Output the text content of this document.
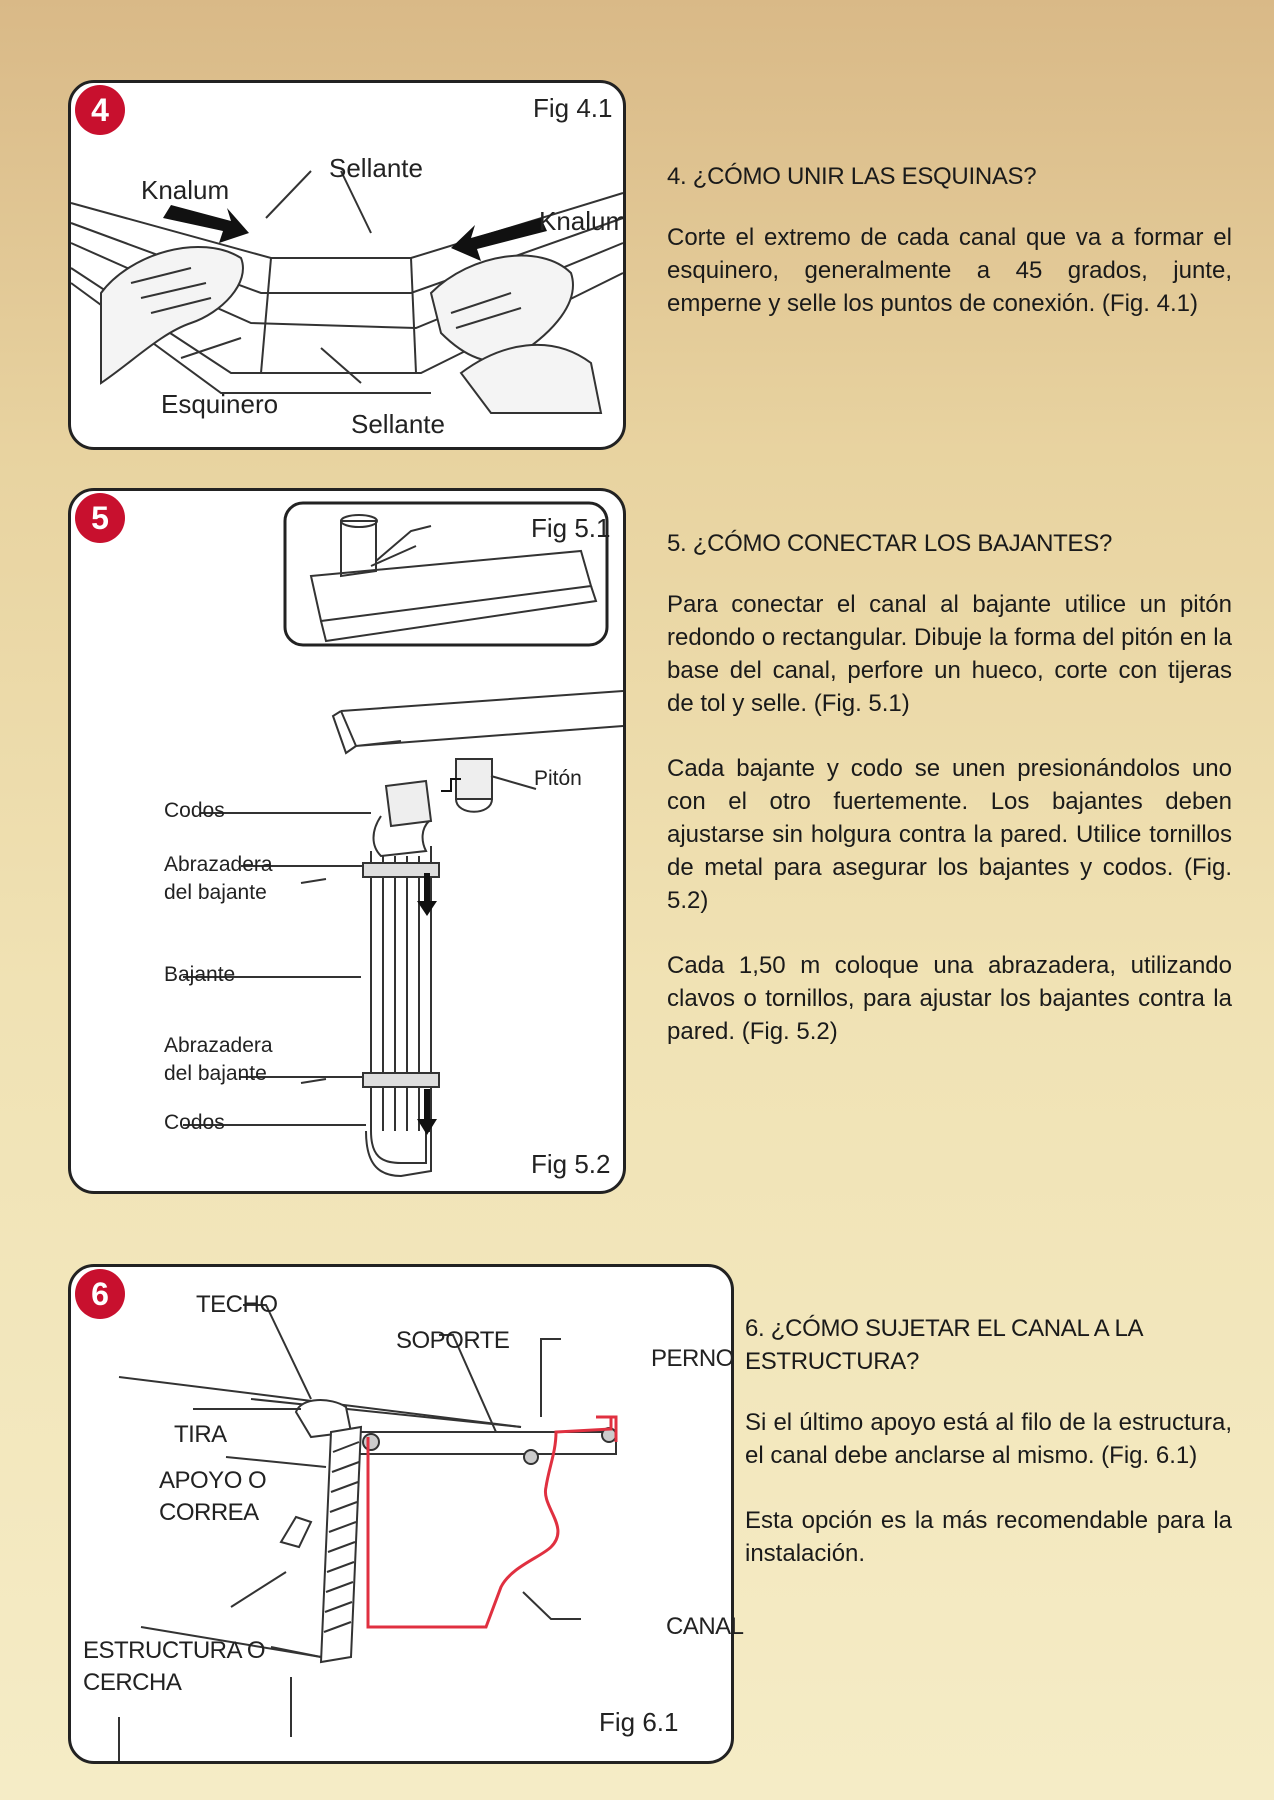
4	Fig 4.1
Knalum
Sellante
Knalum
Esquinero
Sellante
4. ¿CÓMO UNIR LAS ESQUINAS?

Corte el extremo de cada canal que va a formar el esquinero, generalmente a 45 grados, junte, emperne y selle los puntos de conexión. (Fig. 4.1)

5	Fig 5.1
Fig 5.2
Pitón
Codos
Abrazadera
del bajante
Bajante
Abrazadera
del bajante
Codos
5. ¿CÓMO CONECTAR LOS BAJANTES?

Para conectar el canal al bajante utilice un pitón redondo o rectangular. Dibuje la forma del pitón en la base del canal, perfore un hueco, corte con tijeras de tol y selle. (Fig. 5.1)

Cada bajante y codo se unen presionándolos uno con el otro fuertemente. Los bajantes deben ajustarse sin holgura contra la pared. Utilice tornillos de metal para asegurar los bajantes y codos. (Fig. 5.2)

Cada 1,50 m coloque una abrazadera, utilizando clavos o tornillos, para ajustar los bajantes contra la pared. (Fig. 5.2)

6
Fig 6.1
TECHO
SOPORTE
PERNO
TIRA
APOYO O
CORREA
ESTRUCTURA O
CERCHA
CANAL
6. ¿CÓMO SUJETAR EL CANAL A LA ESTRUCTURA?

Si el último apoyo está al filo de la estructura, el canal debe anclarse al mismo. (Fig. 6.1)

Esta opción es la más recomendable para la instalación.
